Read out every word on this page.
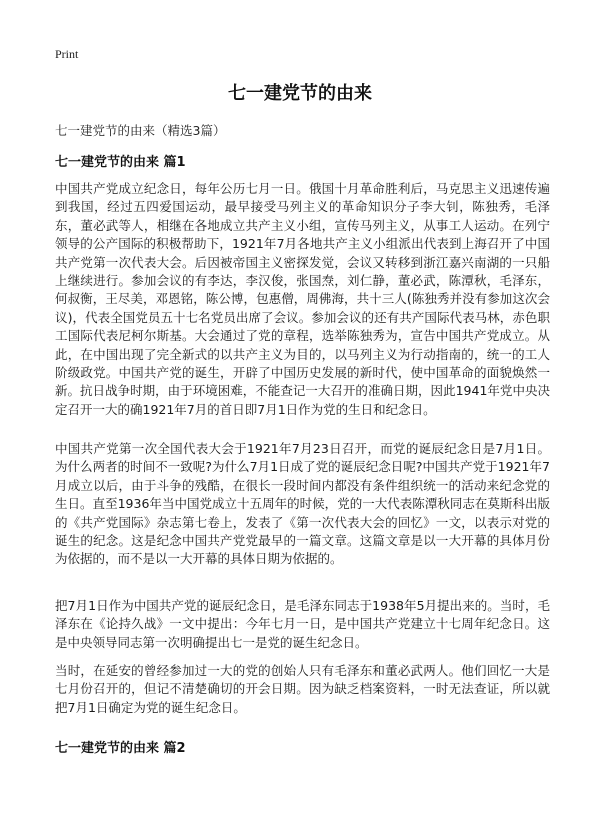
Print
七一建党节的由来
七一建党节的由来（精选3篇）
七一建党节的由来 篇1

中国共产党成立纪念日，每年公历七月一日。俄国十月革命胜利后，马克思主义迅速传遍到我国，经过五四爱国运动，最早接受马列主义的革命知识分子李大钊，陈独秀，毛泽东，董必武等人，相继在各地成立共产主义小组，宣传马列主义，从事工人运动。在列宁领导的公产国际的积极帮助下，1921年7月各地共产主义小组派出代表到上海召开了中国共产党第一次代表大会。后因被帝国主义密探发觉，会议又转移到浙江嘉兴南湖的一只船上继续进行。参加会议的有李达，李汉俊，张国焘，刘仁静，董必武，陈潭秋，毛泽东，何叔衡，王尽美，邓恩铭，陈公博，包惠僧，周佛海，共十三人(陈独秀并没有参加这次会议)，代表全国党员五十七名党员出席了会议。参加会议的还有共产国际代表马林，赤色职工国际代表尼柯尔斯基。大会通过了党的章程，选举陈独秀为，宣告中国共产党成立。从此，在中国出现了完全新式的以共产主义为目的，以马列主义为行动指南的，统一的工人阶级政党。中国共产党的诞生，开辟了中国历史发展的新时代，使中国革命的面貌焕然一新。抗日战争时期，由于环境困难，不能查记一大召开的准确日期，因此1941年党中央决定召开一大的确1921年7月的首日即7月1日作为党的生日和纪念日。

中国共产党第一次全国代表大会于1921年7月23日召开，而党的诞辰纪念日是7月1日。为什么两者的时间不一致呢?为什么7月1日成了党的诞辰纪念日呢?中国共产党于1921年7月成立以后，由于斗争的残酷，在很长一段时间内都没有条件组织统一的活动来纪念党的生日。直至1936年当中国党成立十五周年的时候，党的一大代表陈潭秋同志在莫斯科出版的《共产党国际》杂志第七卷上，发表了《第一次代表大会的回忆》一文，以表示对党的诞生的纪念。这是纪念中国共产党党最早的一篇文章。这篇文章是以一大开幕的具体月份为依据的，而不是以一大开幕的具体日期为依据的。

把7月1日作为中国共产党的诞辰纪念日，是毛泽东同志于1938年5月提出来的。当时，毛泽东在《论持久战》一文中提出：今年七月一日，是中国共产党建立十七周年纪念日。这是中央领导同志第一次明确提出七一是党的诞生纪念日。

当时，在延安的曾经参加过一大的党的创始人只有毛泽东和董必武两人。他们回忆一大是七月份召开的，但记不清楚确切的开会日期。因为缺乏档案资料，一时无法查证，所以就把7月1日确定为党的诞生纪念日。

七一建党节的由来 篇2
